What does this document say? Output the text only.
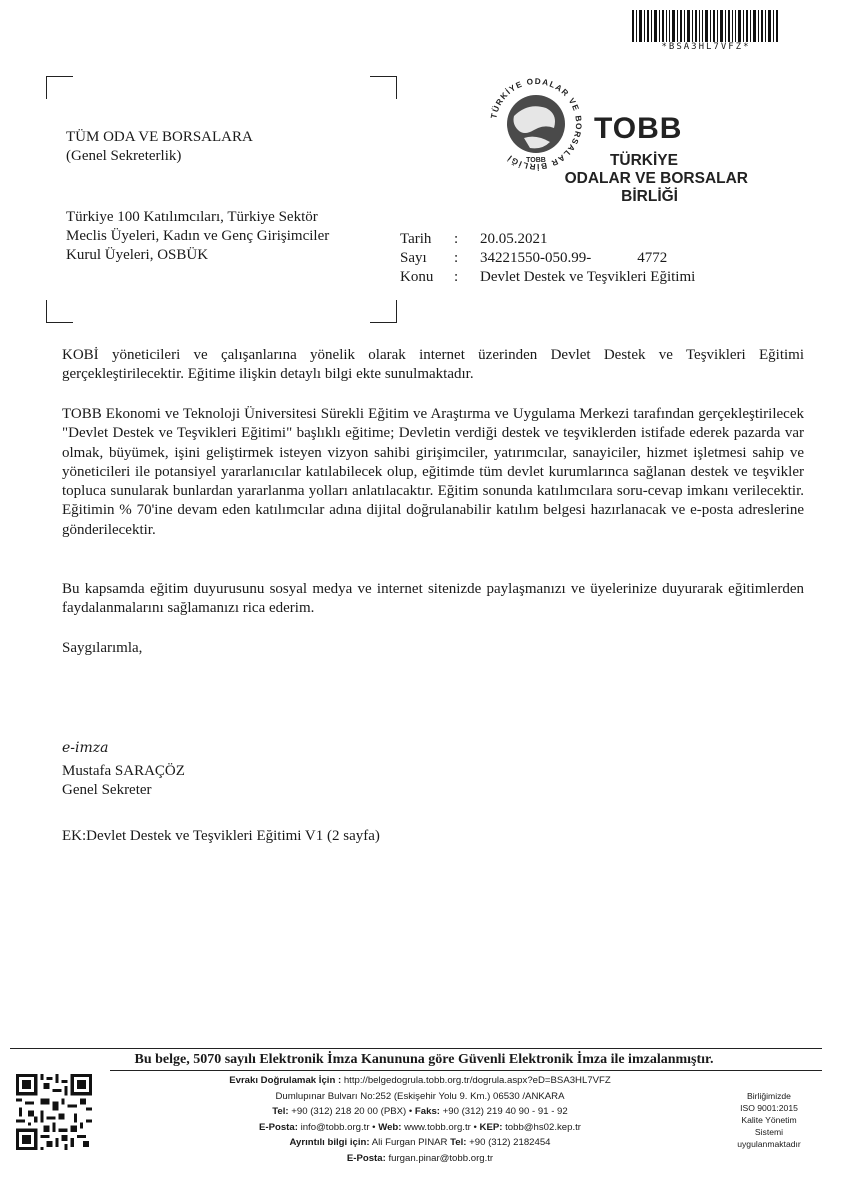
*BSA3HL7VFZ*
TÜM ODA VE BORSALARA
(Genel Sekreterlik)
Türkiye 100 Katılımcıları, Türkiye Sektör
Meclis Üyeleri, Kadın ve Genç Girişimciler
Kurul Üyeleri, OSBÜK
TÜRKİYE ODALAR VE BORSALAR BİRLİĞİ	TOBB
TOBB
TÜRKİYE
ODALAR VE BORSALAR
BİRLİĞİ
Tarih	:	20.05.2021
Sayı	:	34221550-050.99- 4772
Konu	:	Devlet Destek ve Teşvikleri Eğitimi
KOBİ yöneticileri ve çalışanlarına yönelik olarak internet üzerinden Devlet Destek ve Teşvikleri Eğitimi gerçekleştirilecektir. Eğitime ilişkin detaylı bilgi ekte sunulmaktadır.
TOBB Ekonomi ve Teknoloji Üniversitesi Sürekli Eğitim ve Araştırma ve Uygulama Merkezi tarafından gerçekleştirilecek "Devlet Destek ve Teşvikleri Eğitimi" başlıklı eğitime; Devletin verdiği destek ve teşviklerden istifade ederek pazarda var olmak, büyümek, işini geliştirmek isteyen vizyon sahibi girişimciler, yatırımcılar, sanayiciler, hizmet işletmesi sahip ve yöneticileri ile potansiyel yararlanıcılar katılabilecek olup, eğitimde tüm devlet kurumlarınca sağlanan destek ve teşvikler topluca sunularak bunlardan yararlanma yolları anlatılacaktır. Eğitim sonunda katılımcılara soru-cevap imkanı verilecektir. Eğitimin % 70'ine devam eden katılımcılar adına dijital doğrulanabilir katılım belgesi hazırlanacak ve e-posta adreslerine gönderilecektir.
Bu kapsamda eğitim duyurusunu sosyal medya ve internet sitenizde paylaşmanızı ve üyelerinize duyurarak eğitimlerden faydalanmalarını sağlamanızı rica ederim.
Saygılarımla,
e-imza
Mustafa SARAÇÖZ
Genel Sekreter
EK:Devlet Destek ve Teşvikleri Eğitimi V1 (2 sayfa)
Bu belge, 5070 sayılı Elektronik İmza Kanununa göre Güvenli Elektronik İmza ile imzalanmıştır.
Evrakı Doğrulamak İçin : http://belgedogrula.tobb.org.tr/dogrula.aspx?eD=BSA3HL7VFZ
Dumlupınar Bulvarı No:252 (Eskişehir Yolu 9. Km.) 06530 /ANKARA
Tel: +90 (312) 218 20 00 (PBX) • Faks: +90 (312) 219 40 90 - 91 - 92
E-Posta: info@tobb.org.tr • Web: www.tobb.org.tr • KEP: tobb@hs02.kep.tr
Ayrıntılı bilgi için: Ali Furgan PINAR Tel: +90 (312) 2182454
E-Posta: furgan.pinar@tobb.org.tr
Birliğimizde
ISO 9001:2015
Kalite Yönetim
Sistemi
uygulanmaktadır
